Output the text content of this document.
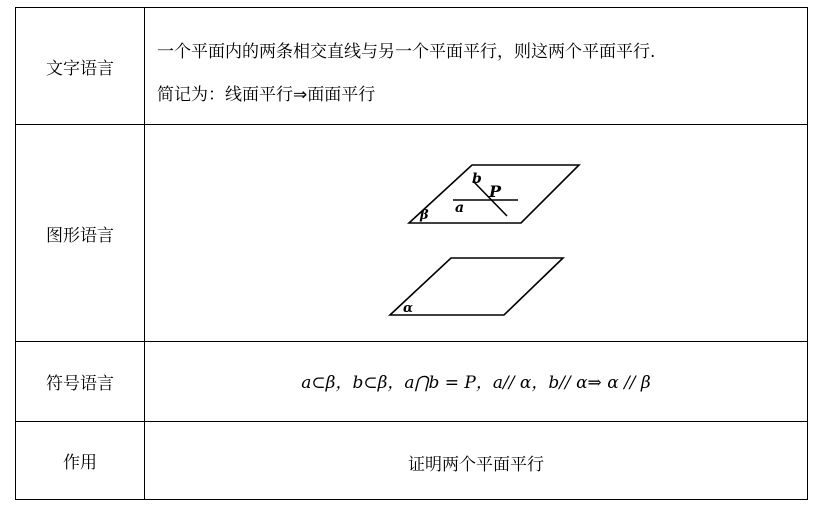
文字语言
一个平面内的两条相交直线与另一个平面平行，则这两个平面平行.
简记为：线面平行⇒面面平行
图形语言
b
P
a
β
α
符号语言	a⊂β，b⊂β，a⋂b = P，a// α，b// α⇒ α // β
作用	证明两个平面平行
